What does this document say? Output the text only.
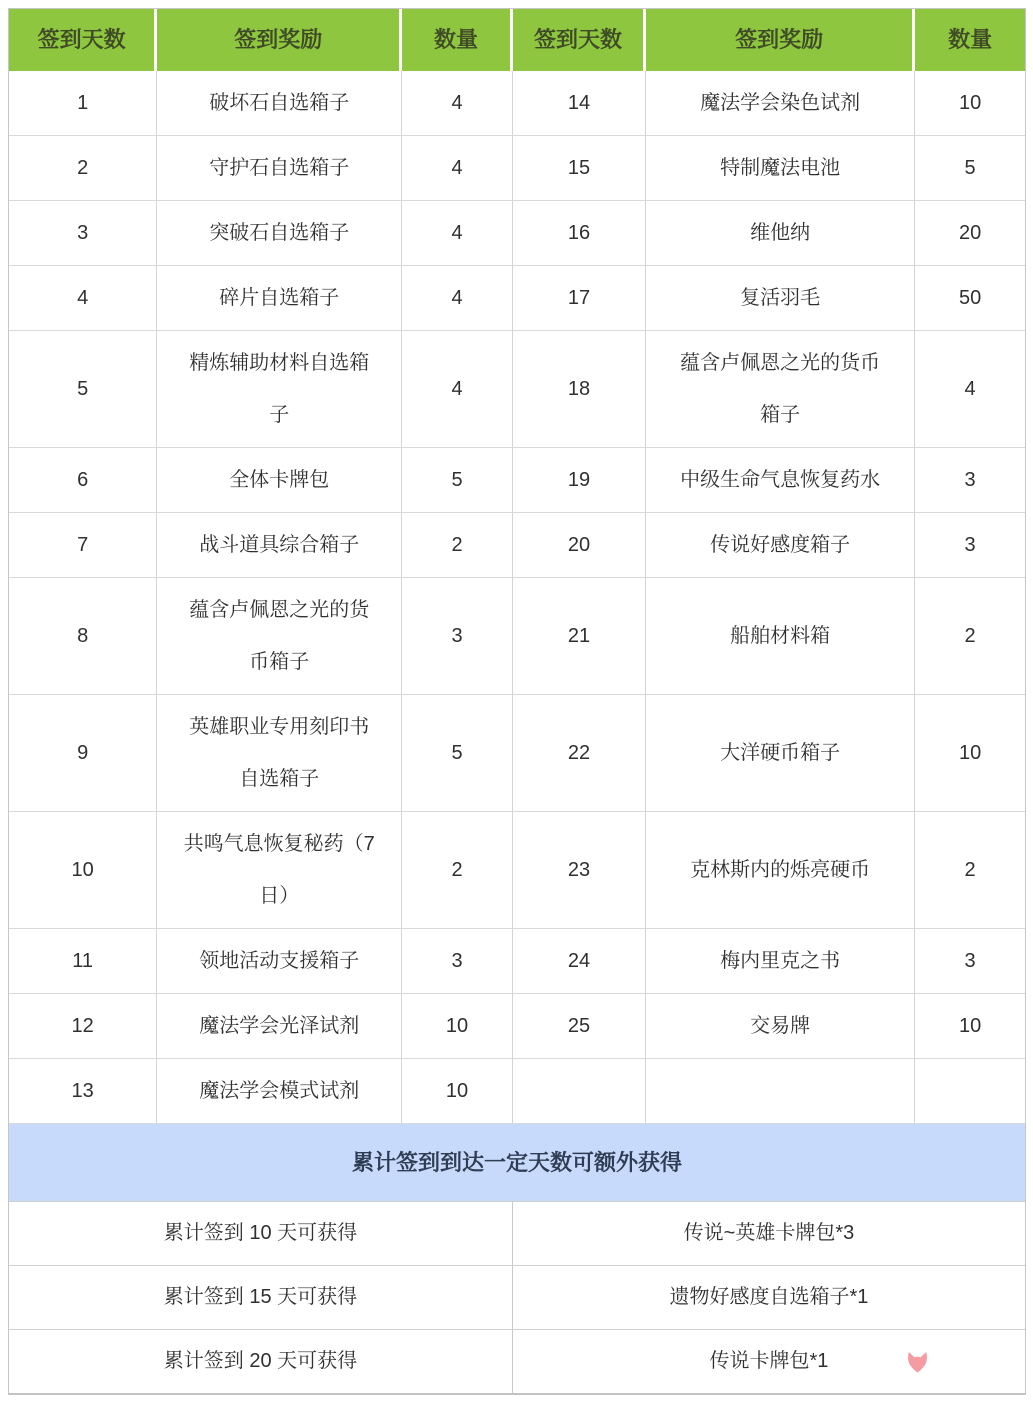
签到天数	签到奖励	数量	签到天数	签到奖励	数量
1	破坏石自选箱子	4	14	魔法学会染色试剂	10
2	守护石自选箱子	4	15	特制魔法电池	5
3	突破石自选箱子	4	16	维他纳	20
4	碎片自选箱子	4	17	复活羽毛	50
5	精炼辅助材料自选箱子	4	18	蕴含卢佩恩之光的货币箱子	4
6	全体卡牌包	5	19	中级生命气息恢复药水	3
7	战斗道具综合箱子	2	20	传说好感度箱子	3
8	蕴含卢佩恩之光的货币箱子	3	21	船舶材料箱	2
9	英雄职业专用刻印书自选箱子	5	22	大洋硬币箱子	10
10	共鸣气息恢复秘药（7日）	2	23	克林斯内的烁亮硬币	2
11	领地活动支援箱子	3	24	梅内里克之书	3
12	魔法学会光泽试剂	10	25	交易牌	10
13	魔法学会模式试剂	10			
累计签到到达一定天数可额外获得					
累计签到 10 天可获得			传说~英雄卡牌包*3		
累计签到 15 天可获得			遗物好感度自选箱子*1		
累计签到 20 天可获得			传说卡牌包*1		
